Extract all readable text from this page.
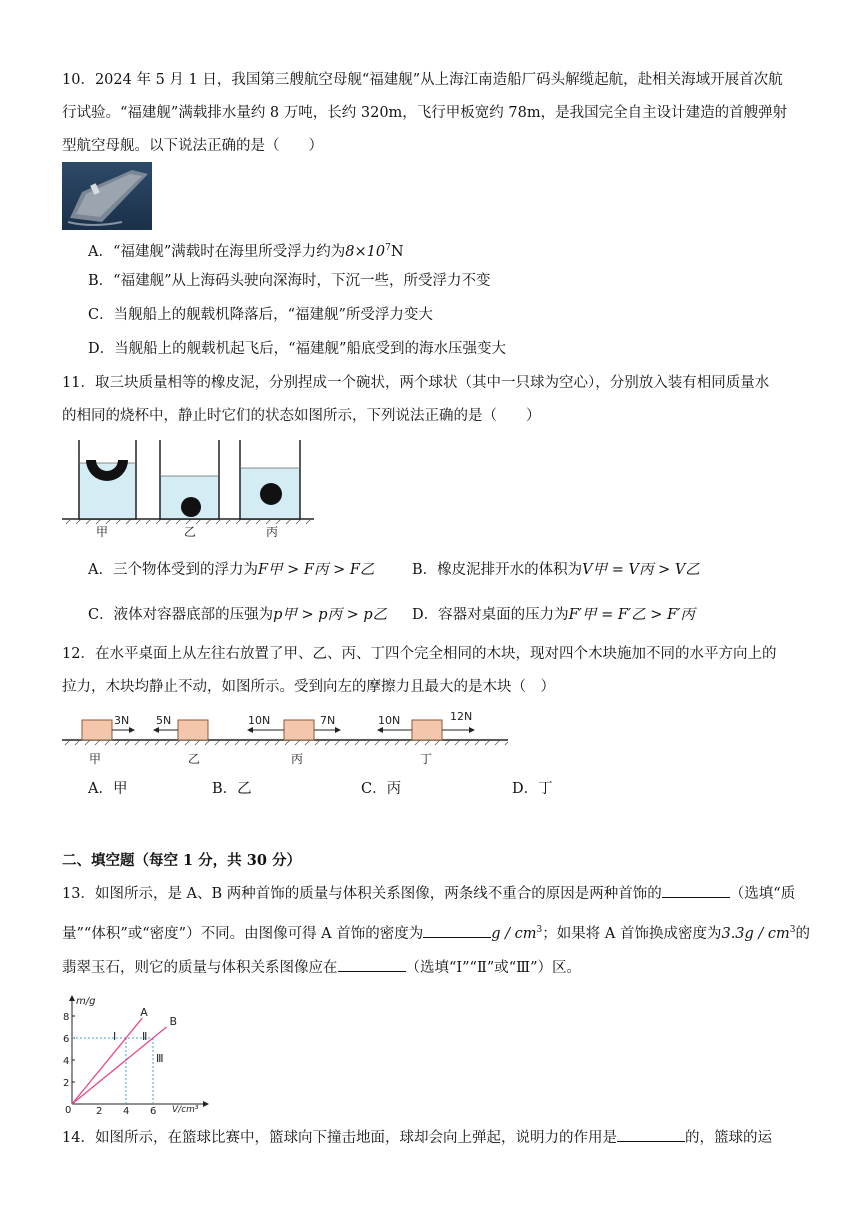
10．2024 年 5 月 1 日，我国第三艘航空母舰“福建舰”从上海江南造船厂码头解缆起航，赴相关海域开展首次航
行试验。“福建舰”满载排水量约 8 万吨，长约 320m，飞行甲板宽约 78m，是我国完全自主设计建造的首艘弹射
型航空母舰。以下说法正确的是（　　）
A．“福建舰”满载时在海里所受浮力约为$8\times 10^7N$
B．“福建舰”从上海码头驶向深海时，下沉一些，所受浮力不变
C．当舰船上的舰载机降落后，“福建舰”所受浮力变大
D．当舰船上的舰载机起飞后，“福建舰”船底受到的海水压强变大
11．取三块质量相等的橡皮泥，分别捏成一个碗状，两个球状（其中一只球为空心），分别放入装有相同质量水
的相同的烧杯中，静止时它们的状态如图所示，下列说法正确的是（　　）
甲	乙	丙
A．三个物体受到的浮力为F甲 > F丙 > F乙	B．橡皮泥排开水的体积为V甲 = V丙 > V乙
C．液体对容器底部的压强为p甲 > p丙 > p乙 D．容器对桌面的压力为F′甲 = F′乙 > F′丙
12．在水平桌面上从左往右放置了甲、乙、丙、丁四个完全相同的木块，现对四个木块施加不同的水平方向上的
拉力，木块均静止不动，如图所示。受到向左的摩擦力且最大的是木块（　）
3N
甲
5N
乙
10N	7N
丙
10N	12N
丁
A．甲	B．乙	C．丙	D．丁
二、填空题（每空 1 分，共 30 分）
13．如图所示，是 A、B 两种首饰的质量与体积关系图像，两条线不重合的原因是两种首饰的	（选填“质
量”“体积”或“密度”）不同。由图像可得 A 首饰的密度为	g / $cm^3$；如果将 A 首饰换成密度为$3.3g / cm^3$的
翡翠玉石，则它的质量与体积关系图像应在	（选填“Ⅰ”“Ⅱ”或“Ⅲ”）区。
m/g
V/cm³
0
2
4
6
8
2 4 6
A
B
Ⅰ Ⅱ
Ⅲ
14．如图所示，在篮球比赛中，篮球向下撞击地面，球却会向上弹起，说明力的作用是	的，篮球的运
